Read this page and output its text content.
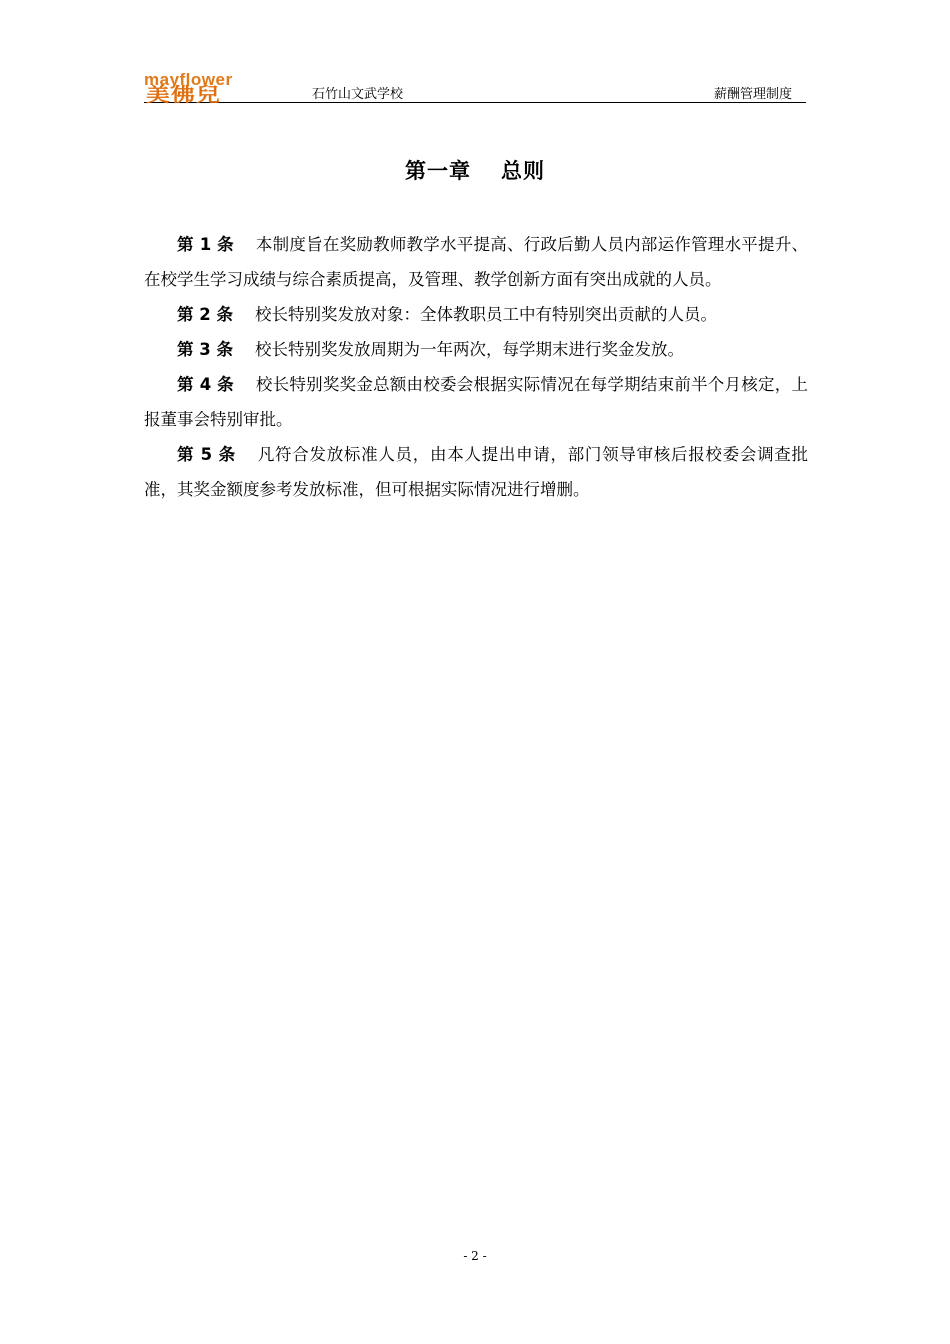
美佛兒
mayflower
石竹山文武学校	薪酬管理制度
第一章 总则

第 1 条 本制度旨在奖励教师教学水平提高、行政后勤人员内部运作管理水平提升、在校学生学习成绩与综合素质提高，及管理、教学创新方面有突出成就的人员。

第 2 条 校长特别奖发放对象：全体教职员工中有特别突出贡献的人员。

第 3 条 校长特别奖发放周期为一年两次，每学期末进行奖金发放。

第 4 条 校长特别奖奖金总额由校委会根据实际情况在每学期结束前半个月核定，上报董事会特别审批。

第 5 条 凡符合发放标准人员，由本人提出申请，部门领导审核后报校委会调查批准，其奖金额度参考发放标准，但可根据实际情况进行增删。

- 2 -
